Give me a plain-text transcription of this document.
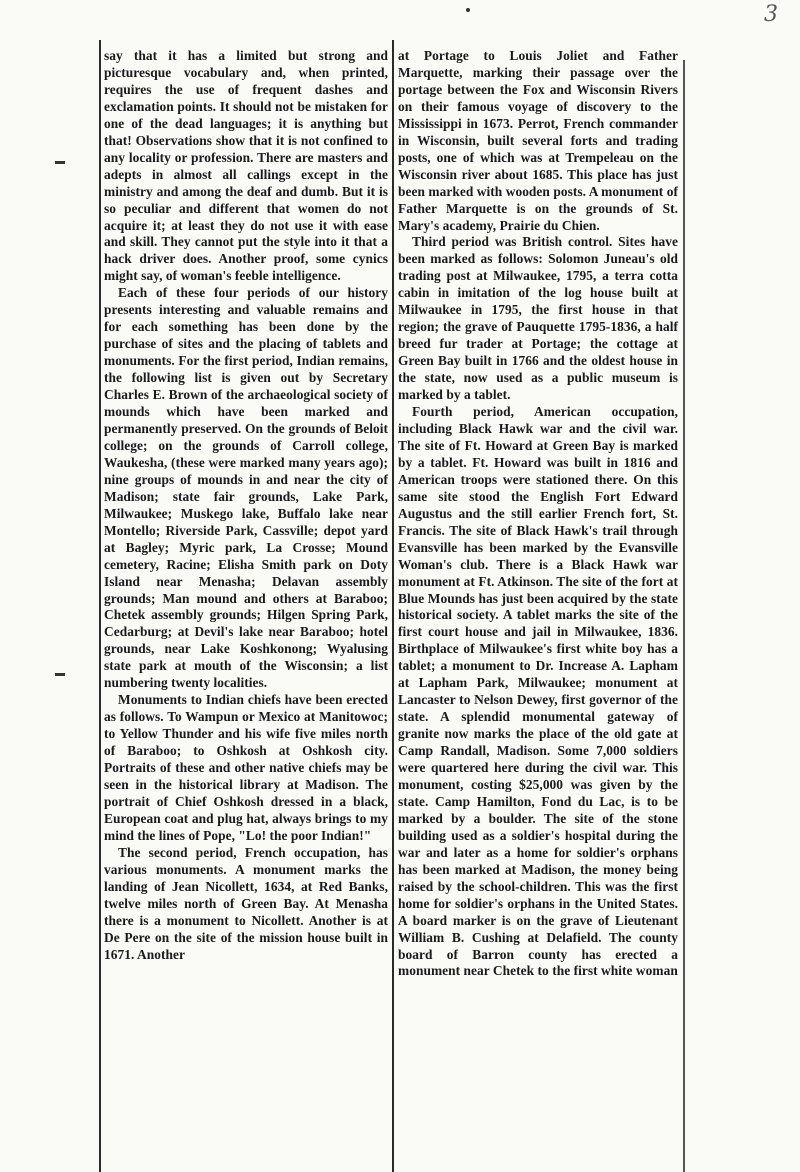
3

say that it has a limited but strong and picturesque vocabulary and, when printed, requires the use of frequent dashes and exclamation points. It should not be mistaken for one of the dead languages; it is anything but that! Observations show that it is not confined to any locality or profession. There are masters and adepts in almost all callings except in the ministry and among the deaf and dumb. But it is so peculiar and different that women do not acquire it; at least they do not use it with ease and skill. They cannot put the style into it that a hack driver does. Another proof, some cynics might say, of woman's feeble intelligence.

Each of these four periods of our history presents interesting and valuable remains and for each something has been done by the purchase of sites and the placing of tablets and monuments. For the first period, Indian remains, the following list is given out by Secretary Charles E. Brown of the archaeological society of mounds which have been marked and permanently preserved. On the grounds of Beloit college; on the grounds of Carroll college, Waukesha, (these were marked many years ago); nine groups of mounds in and near the city of Madison; state fair grounds, Lake Park, Milwaukee; Muskego lake, Buffalo lake near Montello; Riverside Park, Cassville; depot yard at Bagley; Myric park, La Crosse; Mound cemetery, Racine; Elisha Smith park on Doty Island near Menasha; Delavan assembly grounds; Man mound and others at Baraboo; Chetek assembly grounds; Hilgen Spring Park, Cedarburg; at Devil's lake near Baraboo; hotel grounds, near Lake Koshkonong; Wyalusing state park at mouth of the Wisconsin; a list numbering twenty localities.

Monuments to Indian chiefs have been erected as follows. To Wampun or Mexico at Manitowoc; to Yellow Thunder and his wife five miles north of Baraboo; to Oshkosh at Oshkosh city. Portraits of these and other native chiefs may be seen in the historical library at Madison. The portrait of Chief Oshkosh dressed in a black, European coat and plug hat, always brings to my mind the lines of Pope, "Lo! the poor Indian!"

The second period, French occupation, has various monuments. A monument marks the landing of Jean Nicollett, 1634, at Red Banks, twelve miles north of Green Bay. At Menasha there is a monument to Nicollett. Another is at De Pere on the site of the mission house built in 1671. Another

at Portage to Louis Joliet and Father Marquette, marking their passage over the portage between the Fox and Wisconsin Rivers on their famous voyage of discovery to the Mississippi in 1673. Perrot, French commander in Wisconsin, built several forts and trading posts, one of which was at Trempeleau on the Wisconsin river about 1685. This place has just been marked with wooden posts. A monument of Father Marquette is on the grounds of St. Mary's academy, Prairie du Chien.

Third period was British control. Sites have been marked as follows: Solomon Juneau's old trading post at Milwaukee, 1795, a terra cotta cabin in imitation of the log house built at Milwaukee in 1795, the first house in that region; the grave of Pauquette 1795-1836, a half breed fur trader at Portage; the cottage at Green Bay built in 1766 and the oldest house in the state, now used as a public museum is marked by a tablet.

Fourth period, American occupation, including Black Hawk war and the civil war. The site of Ft. Howard at Green Bay is marked by a tablet. Ft. Howard was built in 1816 and American troops were stationed there. On this same site stood the English Fort Edward Augustus and the still earlier French fort, St. Francis. The site of Black Hawk's trail through Evansville has been marked by the Evansville Woman's club. There is a Black Hawk war monument at Ft. Atkinson. The site of the fort at Blue Mounds has just been acquired by the state historical society. A tablet marks the site of the first court house and jail in Milwaukee, 1836. Birthplace of Milwaukee's first white boy has a tablet; a monument to Dr. Increase A. Lapham at Lapham Park, Milwaukee; monument at Lancaster to Nelson Dewey, first governor of the state. A splendid monumental gateway of granite now marks the place of the old gate at Camp Randall, Madison. Some 7,000 soldiers were quartered here during the civil war. This monument, costing $25,000 was given by the state. Camp Hamilton, Fond du Lac, is to be marked by a boulder. The site of the stone building used as a soldier's hospital during the war and later as a home for soldier's orphans has been marked at Madison, the money being raised by the school-children. This was the first home for soldier's orphans in the United States. A board marker is on the grave of Lieutenant William B. Cushing at Delafield. The county board of Barron county has erected a monument near Chetek to the first white woman
